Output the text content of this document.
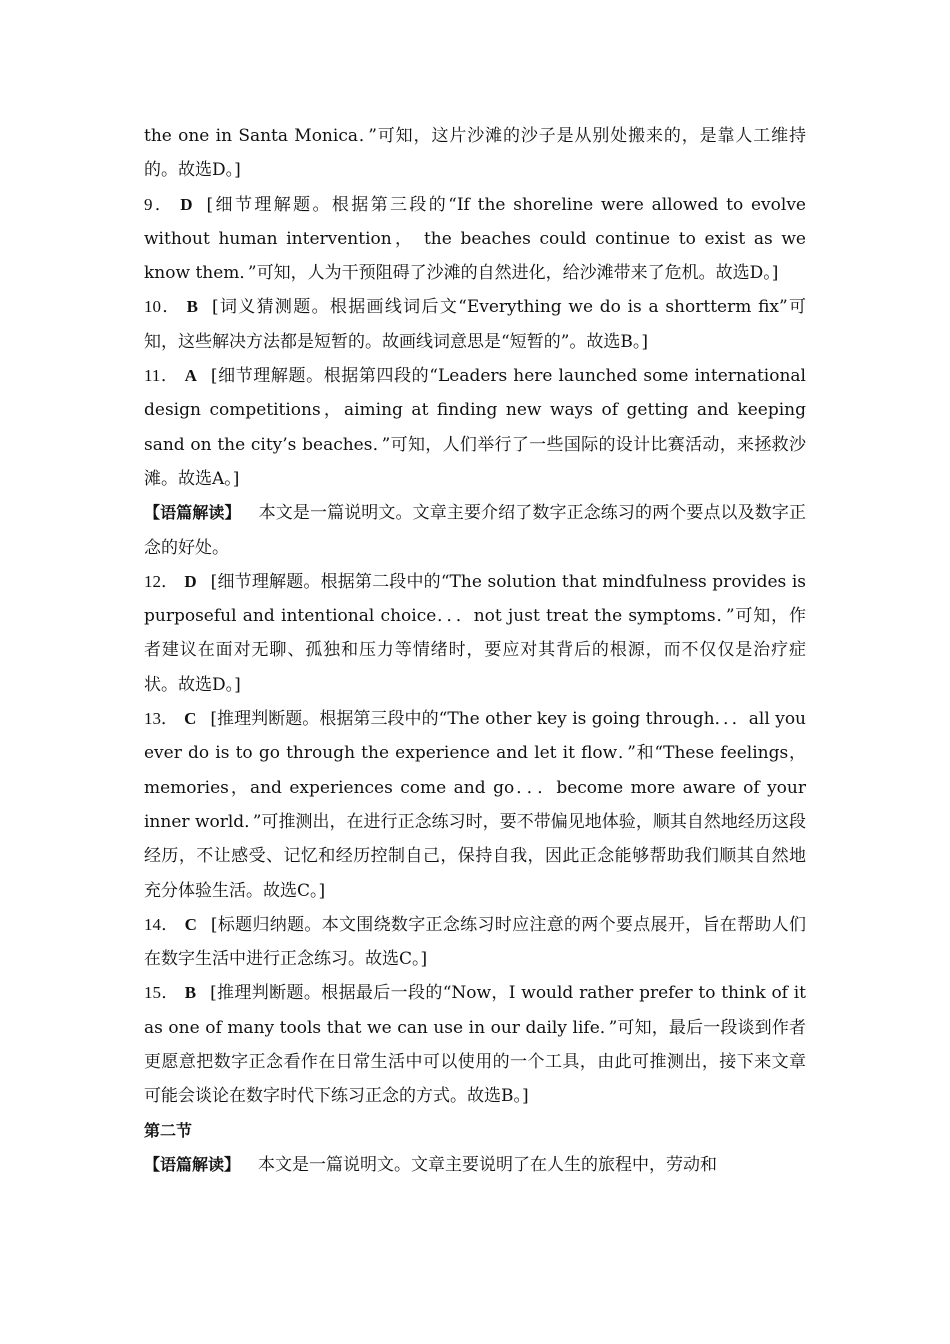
the one in Santa Monica．”可知，这片沙滩的沙子是从别处搬来的，是靠人工维持的。故选D。]

9． D [细节理解题。根据第三段的“If the shoreline were allowed to evolve without human intervention， the beaches could continue to exist as we know them．”可知，人为干预阻碍了沙滩的自然进化，给沙滩带来了危机。故选D。]

10． B [词义猜测题。根据画线词后文“Everything we do is a shortterm fix”可知，这些解决方法都是短暂的。故画线词意思是“短暂的”。故选B。]

11． A [细节理解题。根据第四段的“Leaders here launched some international design competitions，aiming at finding new ways of getting and keeping sand on the city’s beaches．”可知，人们举行了一些国际的设计比赛活动，来拯救沙滩。故选A。]

【语篇解读】 本文是一篇说明文。文章主要介绍了数字正念练习的两个要点以及数字正念的好处。

12． D [细节理解题。根据第二段中的“The solution that mindfulness provides is purposeful and intentional choice．．．not just treat the symptoms．”可知，作者建议在面对无聊、孤独和压力等情绪时，要应对其背后的根源，而不仅仅是治疗症状。故选D。]

13． C [推理判断题。根据第三段中的“The other key is going through．．．all you ever do is to go through the experience and let it flow．”和“These feelings，memories，and experiences come and go．．．become more aware of your inner world．”可推测出，在进行正念练习时，要不带偏见地体验，顺其自然地经历这段经历，不让感受、记忆和经历控制自己，保持自我，因此正念能够帮助我们顺其自然地充分体验生活。故选C。]

14． C [标题归纳题。本文围绕数字正念练习时应注意的两个要点展开，旨在帮助人们在数字生活中进行正念练习。故选C。]

15． B [推理判断题。根据最后一段的“Now，I would rather prefer to think of it as one of many tools that we can use in our daily life．”可知，最后一段谈到作者更愿意把数字正念看作在日常生活中可以使用的一个工具，由此可推测出，接下来文章可能会谈论在数字时代下练习正念的方式。故选B。]

第二节

【语篇解读】 本文是一篇说明文。文章主要说明了在人生的旅程中，劳动和
